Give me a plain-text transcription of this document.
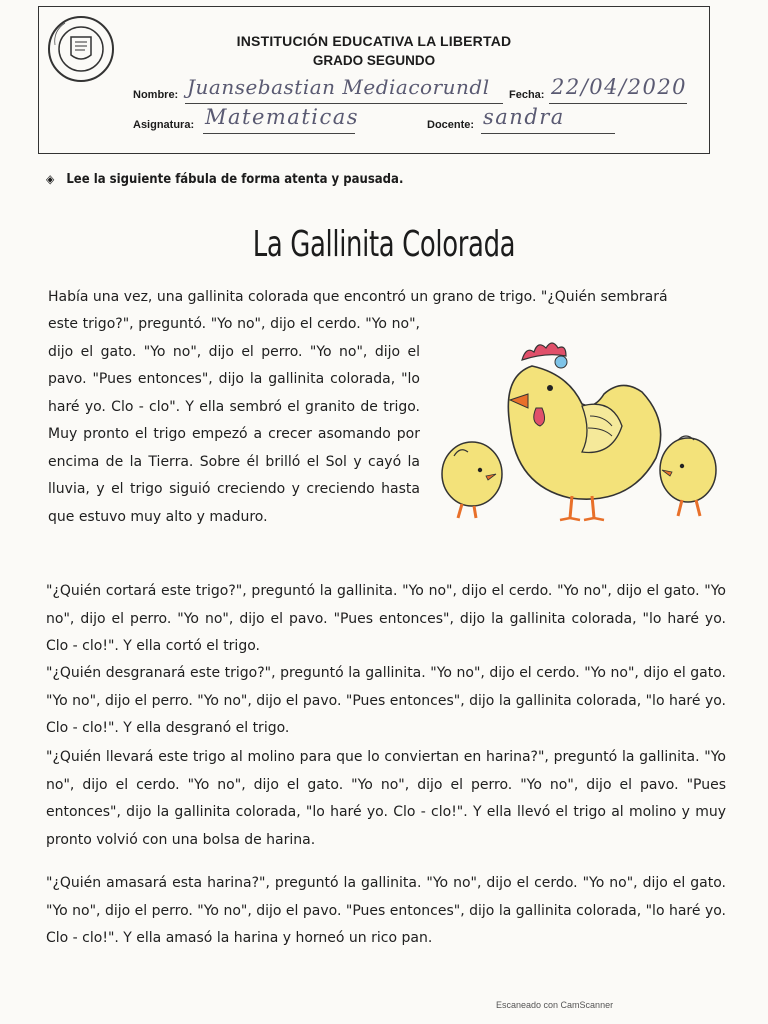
INSTITUCIÓN EDUCATIVA LA LIBERTAD
GRADO SEGUNDO
Nombre: Juansebastian Mediacorundl Fecha: 22/04/2020
Asignatura: Matematicas	Docente: sandra
◈ Lee la siguiente fábula de forma atenta y pausada.
La Gallinita Colorada
Había una vez, una gallinita colorada que encontró un grano de trigo. "¿Quién sembrará
este trigo?", preguntó. "Yo no", dijo el cerdo. "Yo no", dijo el gato. "Yo no", dijo el perro. "Yo no", dijo el pavo. "Pues entonces", dijo la gallinita colorada, "lo haré yo. Clo - clo". Y ella sembró el granito de trigo. Muy pronto el trigo empezó a crecer asomando por encima de la Tierra. Sobre él brilló el Sol y cayó la lluvia, y el trigo siguió creciendo y creciendo hasta que estuvo muy alto y maduro.
"¿Quién cortará este trigo?", preguntó la gallinita. "Yo no", dijo el cerdo. "Yo no", dijo el gato. "Yo no", dijo el perro. "Yo no", dijo el pavo. "Pues entonces", dijo la gallinita colorada, "lo haré yo. Clo - clo!". Y ella cortó el trigo.
"¿Quién desgranará este trigo?", preguntó la gallinita. "Yo no", dijo el cerdo. "Yo no", dijo el gato. "Yo no", dijo el perro. "Yo no", dijo el pavo. "Pues entonces", dijo la gallinita colorada, "lo haré yo. Clo - clo!". Y ella desgranó el trigo.
"¿Quién llevará este trigo al molino para que lo conviertan en harina?", preguntó la gallinita. "Yo no", dijo el cerdo. "Yo no", dijo el gato. "Yo no", dijo el perro. "Yo no", dijo el pavo. "Pues entonces", dijo la gallinita colorada, "lo haré yo. Clo - clo!". Y ella llevó el trigo al molino y muy pronto volvió con una bolsa de harina.
"¿Quién amasará esta harina?", preguntó la gallinita. "Yo no", dijo el cerdo. "Yo no", dijo el gato. "Yo no", dijo el perro. "Yo no", dijo el pavo. "Pues entonces", dijo la gallinita colorada, "lo haré yo. Clo - clo!". Y ella amasó la harina y horneó un rico pan.
Escaneado con CamScanner
